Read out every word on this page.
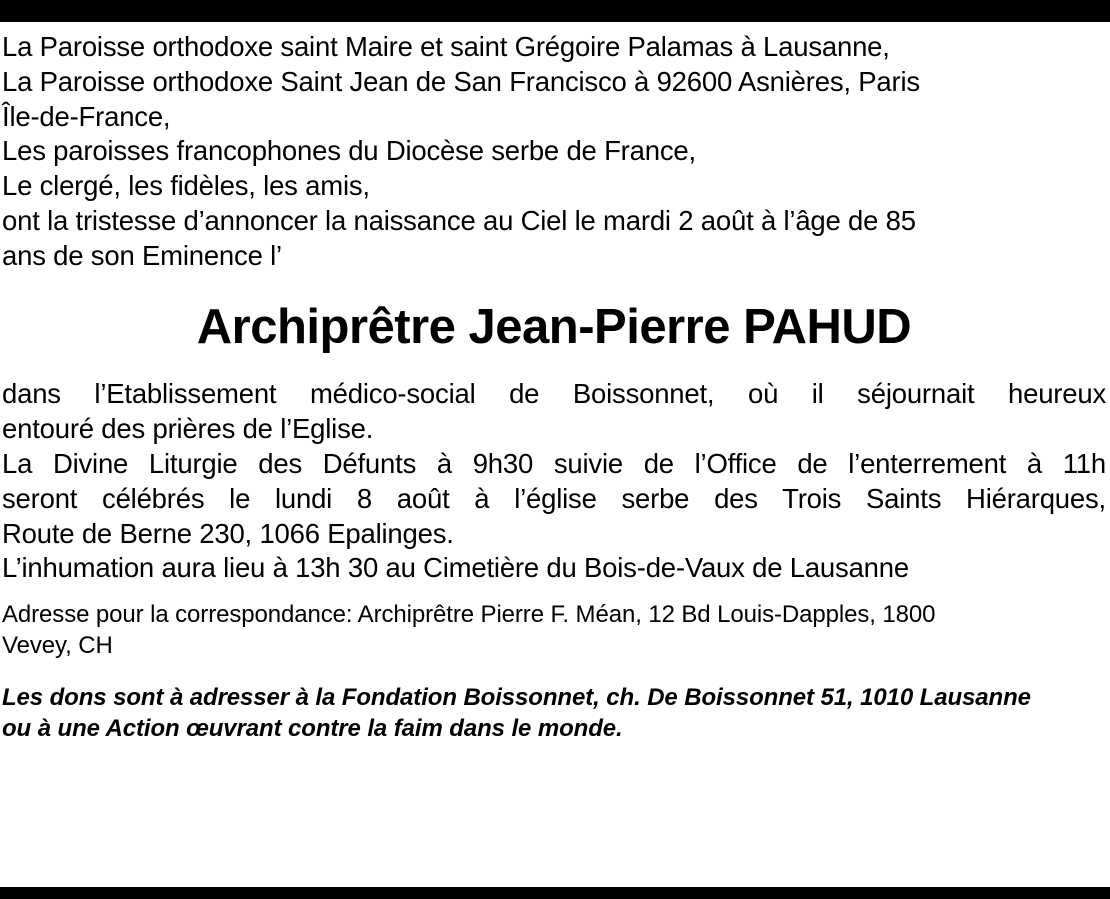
La Paroisse orthodoxe saint Maire et saint Grégoire Palamas à Lausanne,
La Paroisse orthodoxe Saint Jean de San Francisco à 92600 Asnières, Paris
Île-de-France,
Les paroisses francophones du Diocèse serbe de France,
Le clergé, les fidèles, les amis,
ont la tristesse d’annoncer la naissance au Ciel le mardi 2 août à l’âge de 85
ans de son Eminence l’
Archiprêtre Jean-Pierre PAHUD
dans l’Etablissement médico-social de Boissonnet, où il séjournait heureux
entouré des prières de l’Eglise.
La Divine Liturgie des Défunts à 9h30 suivie de l’Office de l’enterrement à 11h
seront célébrés le lundi 8 août à l’église serbe des Trois Saints Hiérarques,
Route de Berne 230, 1066 Epalinges.
L’inhumation aura lieu à 13h 30 au Cimetière du Bois-de-Vaux de Lausanne
Adresse pour la correspondance: Archiprêtre Pierre F. Méan, 12 Bd Louis-Dapples, 1800
Vevey, CH
Les dons sont à adresser à la Fondation Boissonnet, ch. De Boissonnet 51, 1010 Lausanne
ou à une Action œuvrant contre la faim dans le monde.
